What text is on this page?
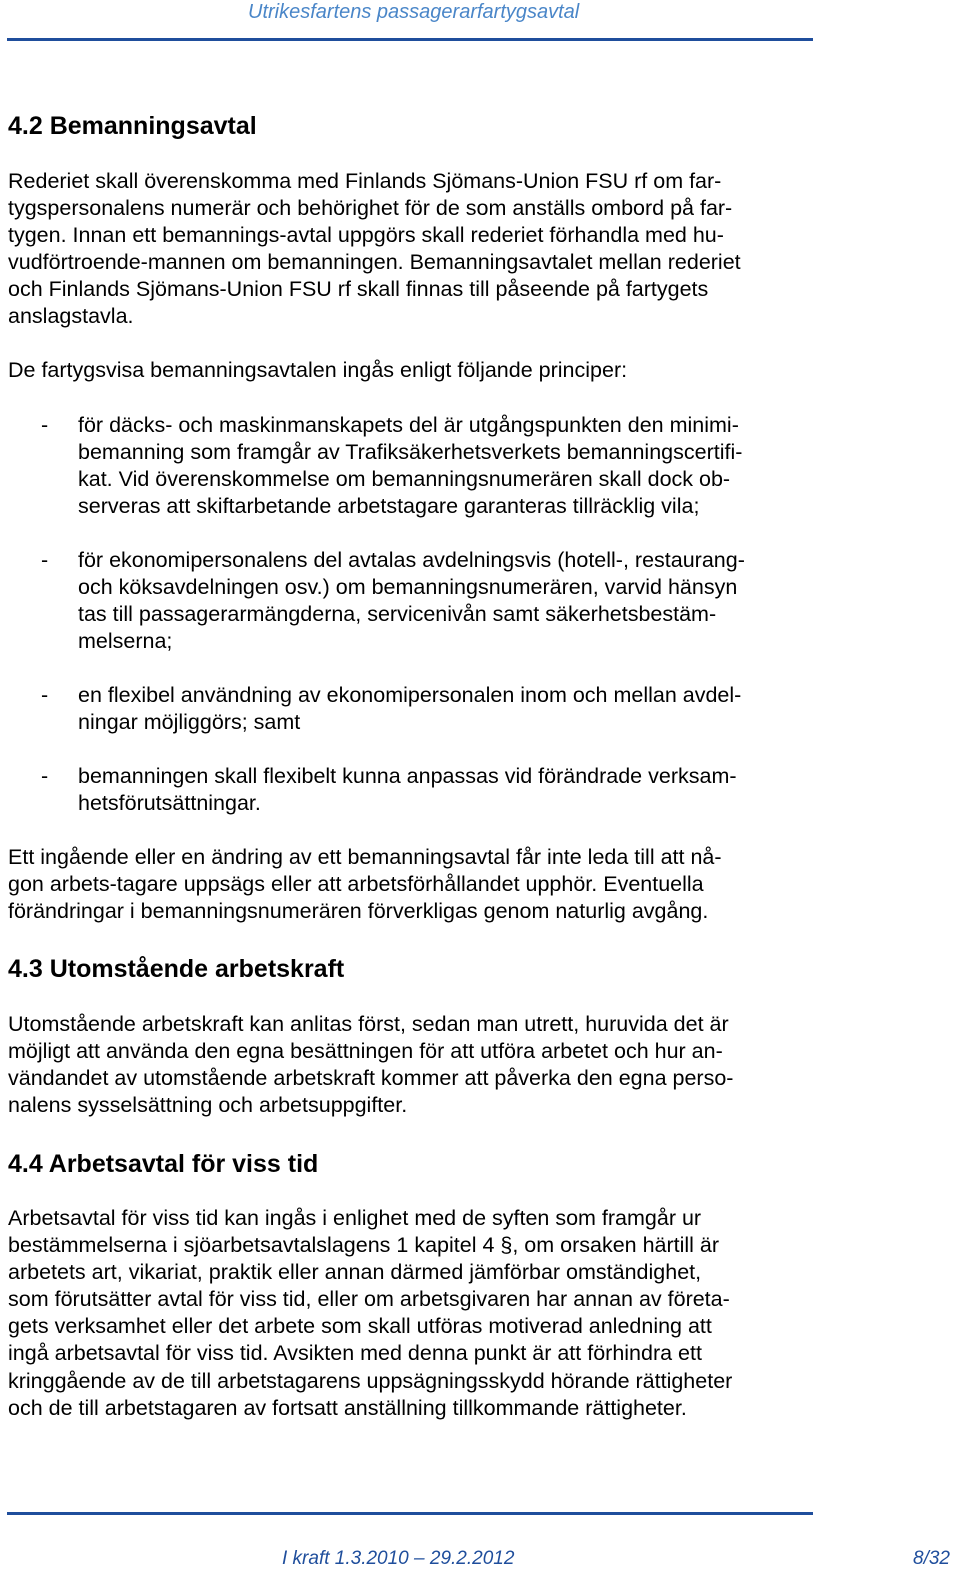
Utrikesfartens passagerarfartygsavtal
4.2 Bemanningsavtal
Rederiet skall överenskomma med Finlands Sjömans-Union FSU rf om far-
tygspersonalens numerär och behörighet för de som anställs ombord på far-
tygen. Innan ett bemannings-avtal uppgörs skall rederiet förhandla med hu-
vudförtroende-mannen om bemanningen. Bemanningsavtalet mellan rederiet
och Finlands Sjömans-Union FSU rf skall finnas till påseende på fartygets
anslagstavla.
De fartygsvisa bemanningsavtalen ingås enligt följande principer:
- för däcks- och maskinmanskapets del är utgångspunkten den minimi-
bemanning som framgår av Trafiksäkerhetsverkets bemanningscertifi-
kat. Vid överenskommelse om bemanningsnumerären skall dock ob-
serveras att skiftarbetande arbetstagare garanteras tillräcklig vila;
- för ekonomipersonalens del avtalas avdelningsvis (hotell-, restaurang-
och köksavdelningen osv.) om bemanningsnumerären, varvid hänsyn
tas till passagerarmängderna, servicenivån samt säkerhetsbestäm-
melserna;
- en flexibel användning av ekonomipersonalen inom och mellan avdel-
ningar möjliggörs; samt
- bemanningen skall flexibelt kunna anpassas vid förändrade verksam-
hetsförutsättningar.
Ett ingående eller en ändring av ett bemanningsavtal får inte leda till att nå-
gon arbets-tagare uppsägs eller att arbetsförhållandet upphör. Eventuella
förändringar i bemanningsnumerären förverkligas genom naturlig avgång.
4.3 Utomstående arbetskraft
Utomstående arbetskraft kan anlitas först, sedan man utrett, huruvida det är
möjligt att använda den egna besättningen för att utföra arbetet och hur an-
vändandet av utomstående arbetskraft kommer att påverka den egna perso-
nalens sysselsättning och arbetsuppgifter.
4.4 Arbetsavtal för viss tid
Arbetsavtal för viss tid kan ingås i enlighet med de syften som framgår ur
bestämmelserna i sjöarbetsavtalslagens 1 kapitel 4 §, om orsaken härtill är
arbetets art, vikariat, praktik eller annan därmed jämförbar omständighet,
som förutsätter avtal för viss tid, eller om arbetsgivaren har annan av företa-
gets verksamhet eller det arbete som skall utföras motiverad anledning att
ingå arbetsavtal för viss tid. Avsikten med denna punkt är att förhindra ett
kringgående av de till arbetstagarens uppsägningsskydd hörande rättigheter
och de till arbetstagaren av fortsatt anställning tillkommande rättigheter.
I kraft 1.3.2010 – 29.2.2012	8/32
